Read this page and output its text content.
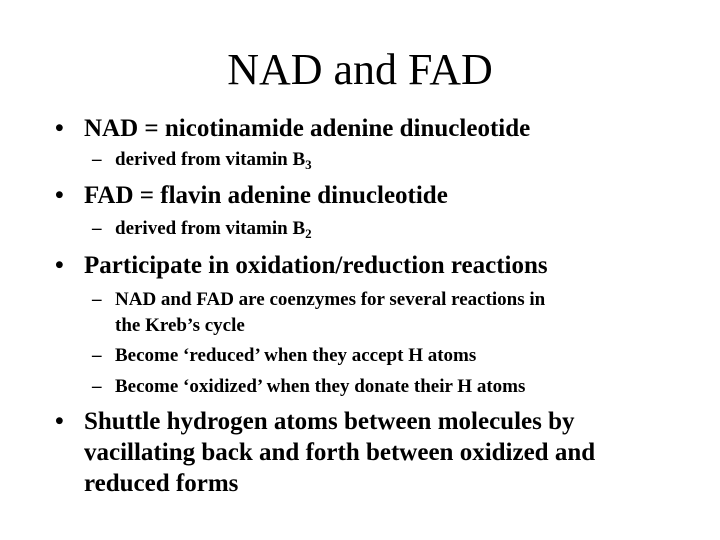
NAD and FAD
• NAD = nicotinamide adenine dinucleotide
– derived from vitamin $B_3$
• FAD = flavin adenine dinucleotide
– derived from vitamin $B_2$
• Participate in oxidation/reduction reactions
– NAD and FAD are coenzymes for several reactions in
the Kreb’s cycle
– Become ‘reduced’ when they accept H atoms
– Become ‘oxidized’ when they donate their H atoms
• Shuttle hydrogen atoms between molecules by
vacillating back and forth between oxidized and
reduced forms
